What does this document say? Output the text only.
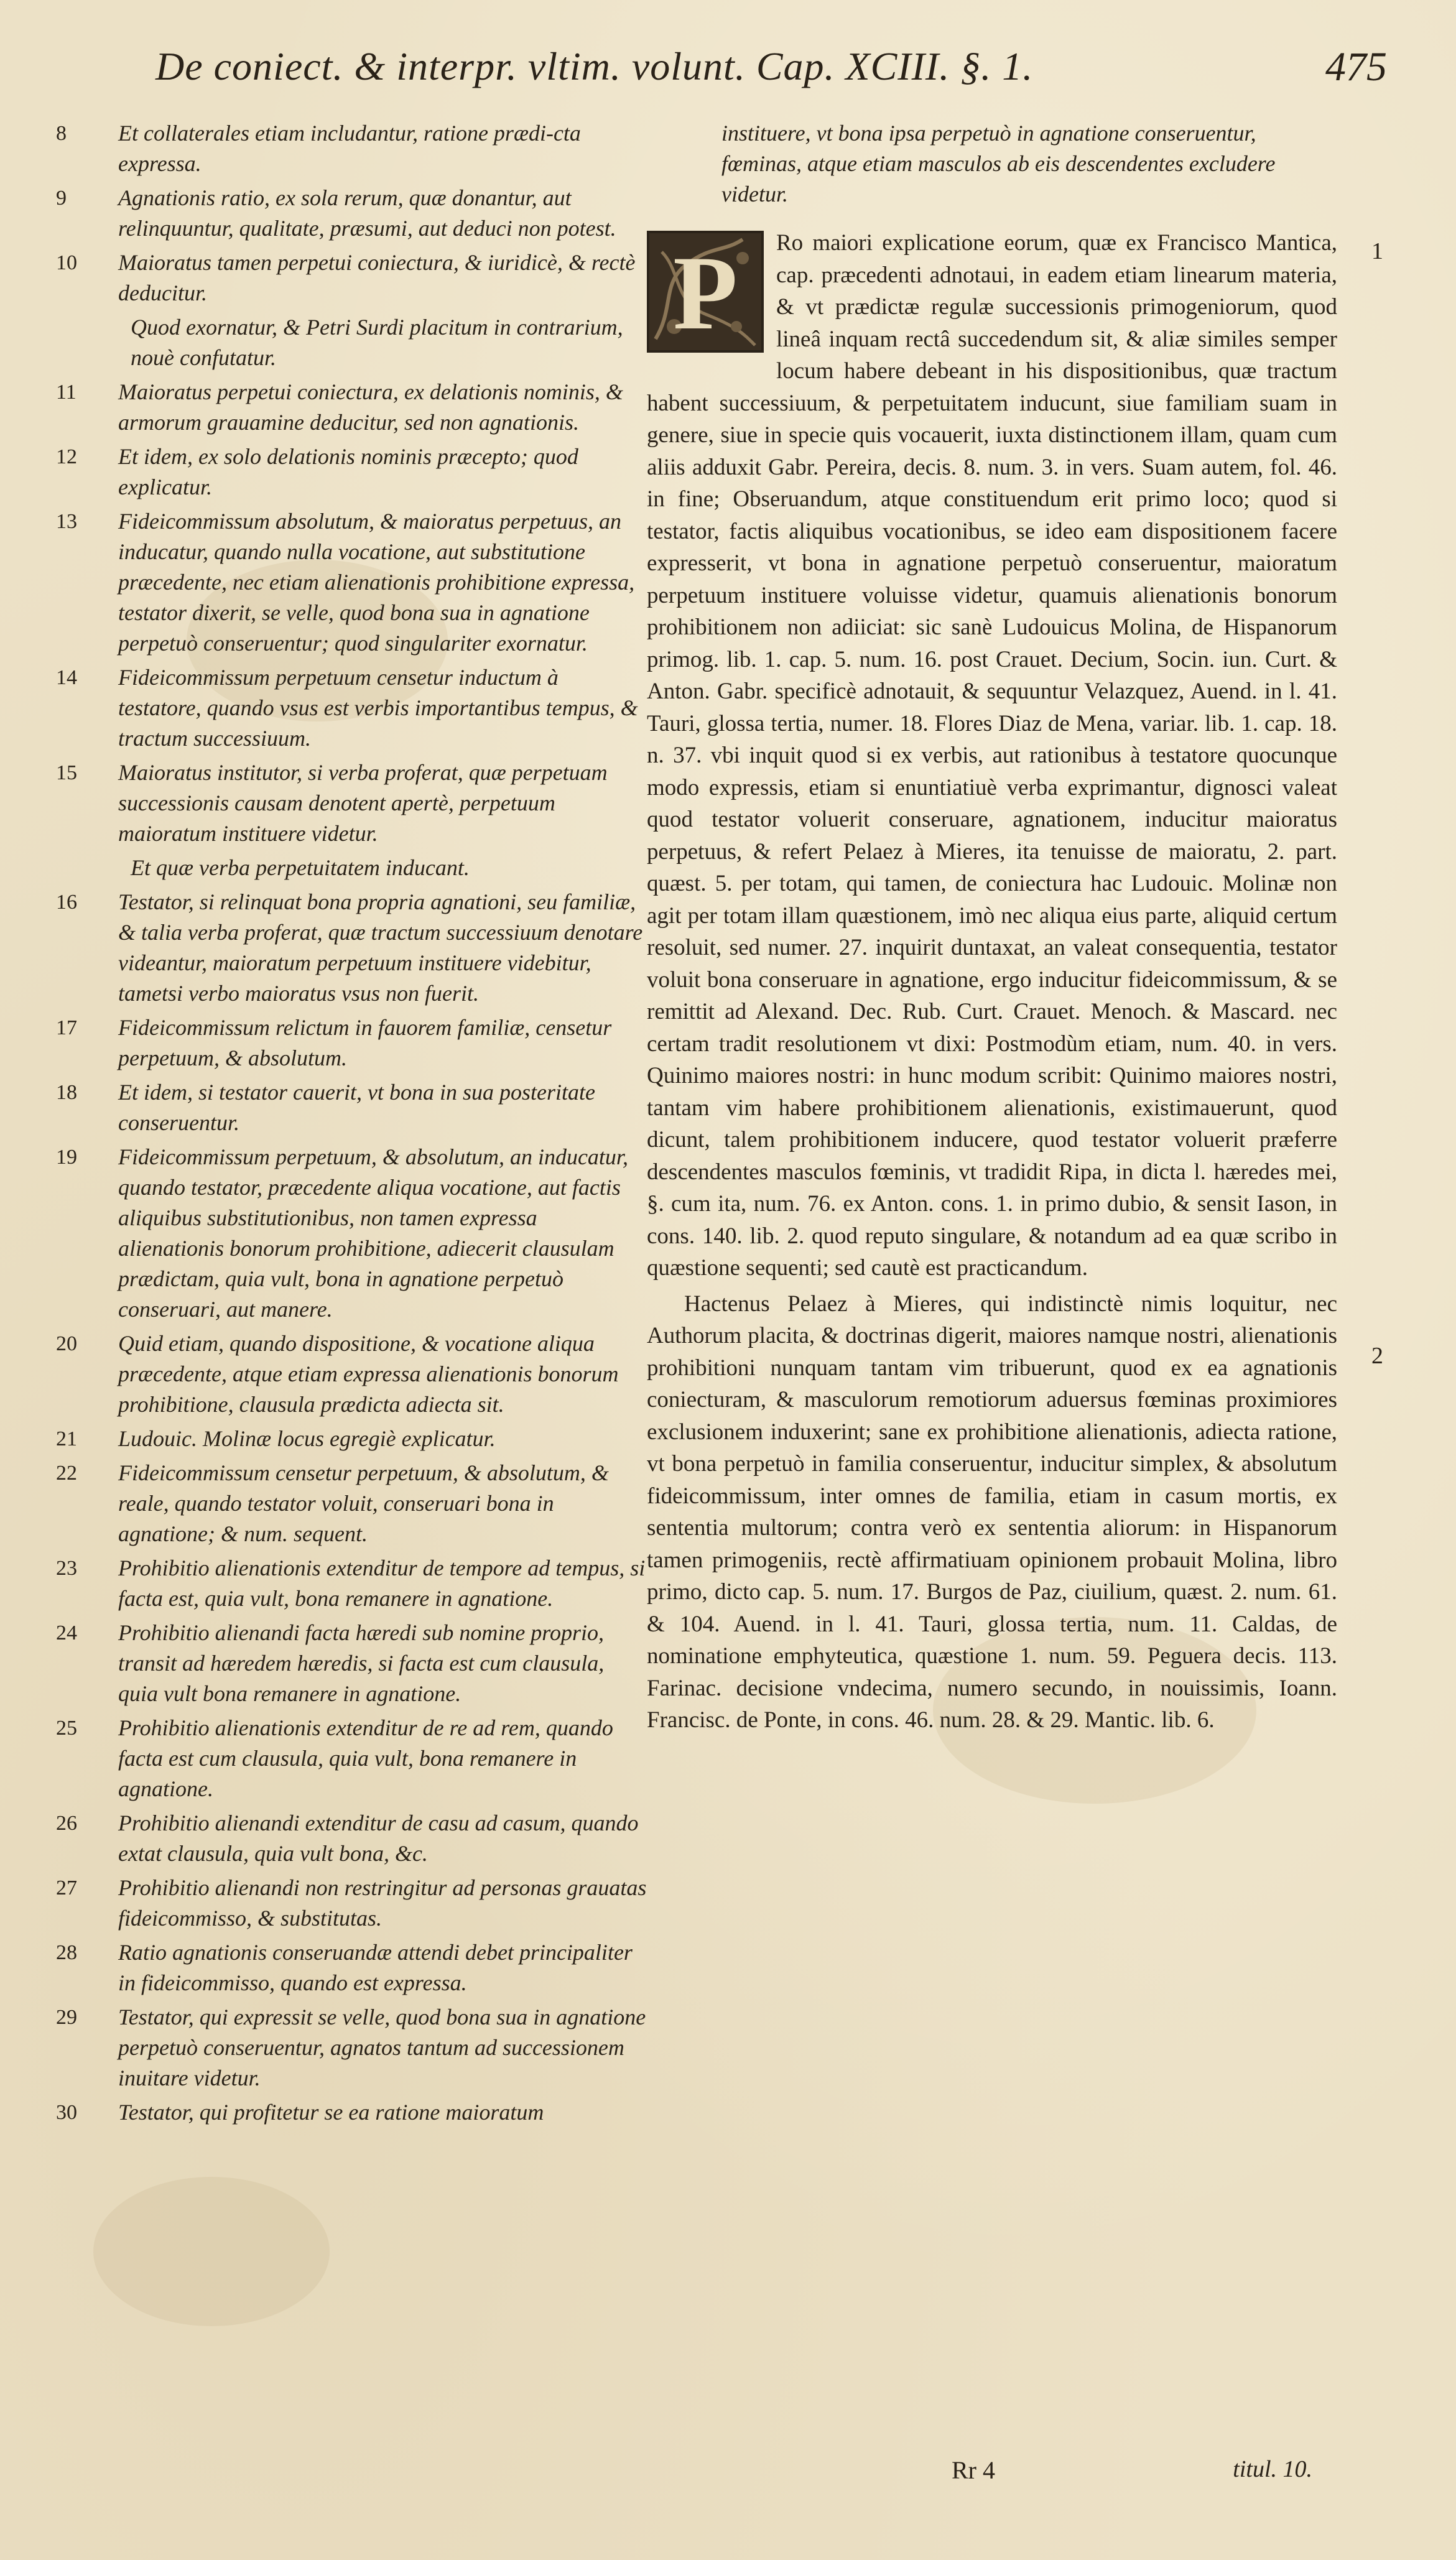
De coniect. & interpr. vltim. volunt. Cap. XCIII. §. 1.	475
8 Et collaterales etiam includantur, ratione prædi-cta expressa.
9 Agnationis ratio, ex sola rerum, quæ donantur, aut relinquuntur, qualitate, præsumi, aut deduci non potest.
10 Maioratus tamen perpetui coniectura, & iuridicè, & rectè deducitur.
Quod exornatur, & Petri Surdi placitum in contrarium, nouè confutatur.
11 Maioratus perpetui coniectura, ex delationis nominis, & armorum grauamine deducitur, sed non agnationis.
12 Et idem, ex solo delationis nominis præcepto; quod explicatur.
13 Fideicommissum absolutum, & maioratus perpetuus, an inducatur, quando nulla vocatione, aut substitutione præcedente, nec etiam alienationis prohibitione expressa, testator dixerit, se velle, quod bona sua in agnatione perpetuò conseruentur; quod singulariter exornatur.
14 Fideicommissum perpetuum censetur inductum à testatore, quando vsus est verbis importantibus tempus, & tractum successiuum.
15 Maioratus institutor, si verba proferat, quæ perpetuam successionis causam denotent apertè, perpetuum maioratum instituere videtur.
Et quæ verba perpetuitatem inducant.
16 Testator, si relinquat bona propria agnationi, seu familiæ, & talia verba proferat, quæ tractum successiuum denotare videantur, maioratum perpetuum instituere videbitur, tametsi verbo maioratus vsus non fuerit.
17 Fideicommissum relictum in fauorem familiæ, censetur perpetuum, & absolutum.
18 Et idem, si testator cauerit, vt bona in sua posteritate conseruentur.
19 Fideicommissum perpetuum, & absolutum, an inducatur, quando testator, præcedente aliqua vocatione, aut factis aliquibus substitutionibus, non tamen expressa alienationis bonorum prohibitione, adiecerit clausulam prædictam, quia vult, bona in agnatione perpetuò conseruari, aut manere.
20 Quid etiam, quando dispositione, & vocatione aliqua præcedente, atque etiam expressa alienationis bonorum prohibitione, clausula prædicta adiecta sit.
21 Ludouic. Molinæ locus egregiè explicatur.
22 Fideicommissum censetur perpetuum, & absolutum, & reale, quando testator voluit, conseruari bona in agnatione; & num. sequent.
23 Prohibitio alienationis extenditur de tempore ad tempus, si facta est, quia vult, bona remanere in agnatione.
24 Prohibitio alienandi facta hæredi sub nomine proprio, transit ad hæredem hæredis, si facta est cum clausula, quia vult bona remanere in agnatione.
25 Prohibitio alienationis extenditur de re ad rem, quando facta est cum clausula, quia vult, bona remanere in agnatione.
26 Prohibitio alienandi extenditur de casu ad casum, quando extat clausula, quia vult bona, &c.
27 Prohibitio alienandi non restringitur ad personas grauatas fideicommisso, & substitutas.
28 Ratio agnationis conseruandæ attendi debet principaliter in fideicommisso, quando est expressa.
29 Testator, qui expressit se velle, quod bona sua in agnatione perpetuò conseruentur, agnatos tantum ad successionem inuitare videtur.
30 Testator, qui profitetur se ea ratione maioratum
instituere, vt bona ipsa perpetuò in agnatione conseruentur, fœminas, atque etiam masculos ab eis descendentes excludere videtur.
P	Ro maiori explicatione eorum, quæ ex Francisco Mantica, cap. præcedenti adnotaui, in eadem etiam linearum materia, & vt prædictæ regulæ successionis primogeniorum, quod lineâ inquam rectâ succedendum sit, & aliæ similes semper locum habere debeant in his dispositionibus, quæ tractum habent successiuum, & perpetuitatem inducunt, siue familiam suam in genere, siue in specie quis vocauerit, iuxta distinctionem illam, quam cum aliis adduxit Gabr. Pereira, decis. 8. num. 3. in vers. Suam autem, fol. 46. in fine; Obseruandum, atque constituendum erit primo loco; quod si testator, factis aliquibus vocationibus, se ideo eam dispositionem facere expresserit, vt bona in agnatione perpetuò conseruentur, maioratum perpetuum instituere voluisse videtur, quamuis alienationis bonorum prohibitionem non adiiciat: sic sanè Ludouicus Molina, de Hispanorum primog. lib. 1. cap. 5. num. 16. post Crauet. Decium, Socin. iun. Curt. & Anton. Gabr. specificè adnotauit, & sequuntur Velazquez, Auend. in l. 41. Tauri, glossa tertia, numer. 18. Flores Diaz de Mena, variar. lib. 1. cap. 18. n. 37. vbi inquit quod si ex verbis, aut rationibus à testatore quocunque modo expressis, etiam si enuntiatiuè verba exprimantur, dignosci valeat quod testator voluerit conseruare, agnationem, inducitur maioratus perpetuus, & refert Pelaez à Mieres, ita tenuisse de maioratu, 2. part. quæst. 5. per totam, qui tamen, de coniectura hac Ludouic. Molinæ non agit per totam illam quæstionem, imò nec aliqua eius parte, aliquid certum resoluit, sed numer. 27. inquirit duntaxat, an valeat consequentia, testator voluit bona conseruare in agnatione, ergo inducitur fideicommissum, & se remittit ad Alexand. Dec. Rub. Curt. Crauet. Menoch. & Mascard. nec certam tradit resolutionem vt dixi: Postmodùm etiam, num. 40. in vers. Quinimo maiores nostri: in hunc modum scribit: Quinimo maiores nostri, tantam vim habere prohibitionem alienationis, existimauerunt, quod dicunt, talem prohibitionem inducere, quod testator voluerit præferre descendentes masculos fœminis, vt tradidit Ripa, in dicta l. hæredes mei, §. cum ita, num. 76. ex Anton. cons. 1. in primo dubio, & sensit Iason, in cons. 140. lib. 2. quod reputo singulare, & notandum ad ea quæ scribo in quæstione sequenti; sed cautè est practicandum.
Hactenus Pelaez à Mieres, qui indistinctè nimis loquitur, nec Authorum placita, & doctrinas digerit, maiores namque nostri, alienationis prohibitioni nunquam tantam vim tribuerunt, quod ex ea agnationis coniecturam, & masculorum remotiorum aduersus fœminas proximiores exclusionem induxerint; sane ex prohibitione alienationis, adiecta ratione, vt bona perpetuò in familia conseruentur, inducitur simplex, & absolutum fideicommissum, inter omnes de familia, etiam in casum mortis, ex sententia multorum; contra verò ex sententia aliorum: in Hispanorum tamen primogeniis, rectè affirmatiuam opinionem probauit Molina, libro primo, dicto cap. 5. num. 17. Burgos de Paz, ciuilium, quæst. 2. num. 61. & 104. Auend. in l. 41. Tauri, glossa tertia, num. 11. Caldas, de nominatione emphyteutica, quæstione 1. num. 59. Peguera decis. 113. Farinac. decisione vndecima, numero secundo, in nouissimis, Ioann. Francisc. de Ponte, in cons. 46. num. 28. & 29. Mantic. lib. 6.
1
2
Rr 4	titul. 10.
